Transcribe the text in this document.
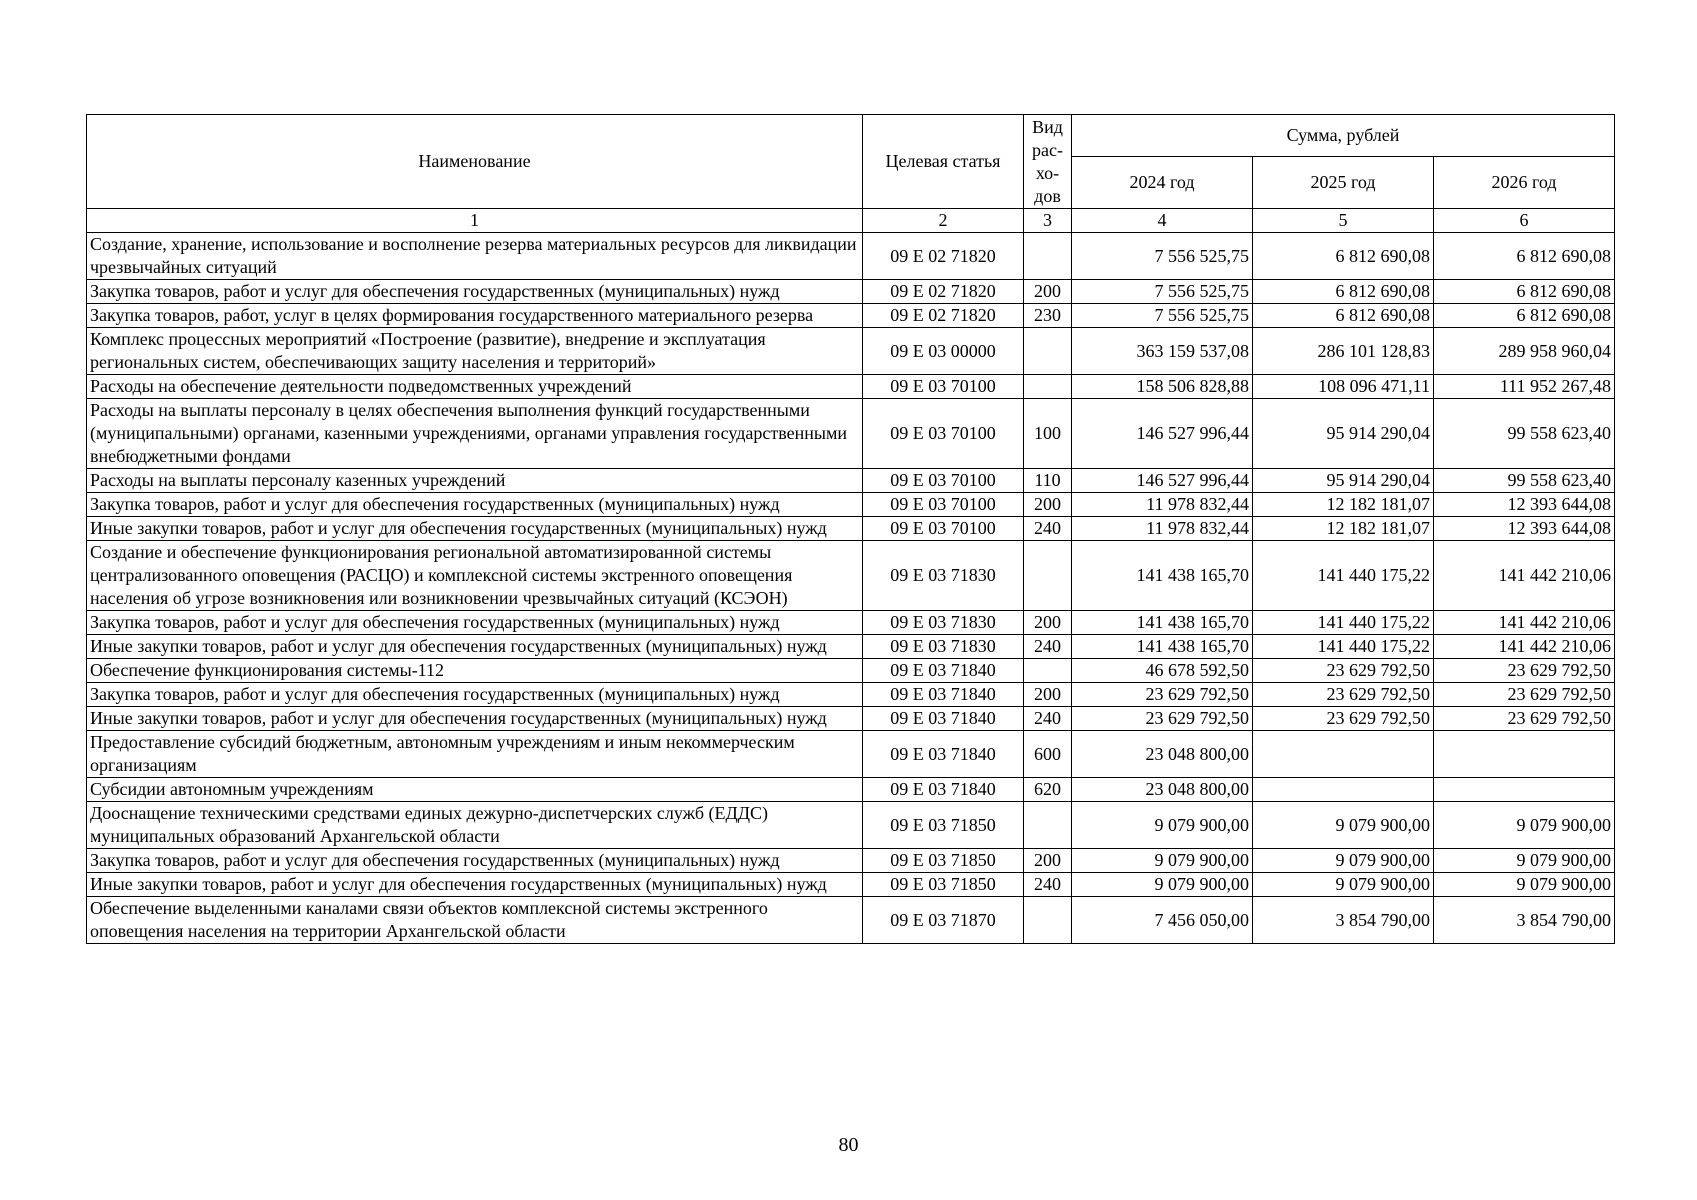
Наименование	Целевая статья	Вид рас-хо-дов	Сумма, рублей		
			2024 год	2025 год	2026 год
1	2	3	4	5	6
Создание, хранение, использование и восполнение резерва материальных ресурсов для ликвидации чрезвычайных ситуаций	09 Е 02 71820		7 556 525,75	6 812 690,08	6 812 690,08
Закупка товаров, работ и услуг для обеспечения государственных (муниципальных) нужд	09 Е 02 71820	200	7 556 525,75	6 812 690,08	6 812 690,08
Закупка товаров, работ, услуг в целях формирования государственного материального резерва	09 Е 02 71820	230	7 556 525,75	6 812 690,08	6 812 690,08
Комплекс процессных мероприятий «Построение (развитие), внедрение и эксплуатация региональных систем, обеспечивающих защиту населения и территорий»	09 Е 03 00000		363 159 537,08	286 101 128,83	289 958 960,04
Расходы на обеспечение деятельности подведомственных учреждений	09 Е 03 70100		158 506 828,88	108 096 471,11	111 952 267,48
Расходы на выплаты персоналу в целях обеспечения выполнения функций государственными (муниципальными) органами, казенными учреждениями, органами управления государственными внебюджетными фондами	09 Е 03 70100	100	146 527 996,44	95 914 290,04	99 558 623,40
Расходы на выплаты персоналу казенных учреждений	09 Е 03 70100	110	146 527 996,44	95 914 290,04	99 558 623,40
Закупка товаров, работ и услуг для обеспечения государственных (муниципальных) нужд	09 Е 03 70100	200	11 978 832,44	12 182 181,07	12 393 644,08
Иные закупки товаров, работ и услуг для обеспечения государственных (муниципальных) нужд	09 Е 03 70100	240	11 978 832,44	12 182 181,07	12 393 644,08
Создание и обеспечение функционирования региональной автоматизированной системы централизованного оповещения (РАСЦО) и комплексной системы экстренного оповещения населения об угрозе возникновения или возникновении чрезвычайных ситуаций (КСЭОН)	09 Е 03 71830		141 438 165,70	141 440 175,22	141 442 210,06
Закупка товаров, работ и услуг для обеспечения государственных (муниципальных) нужд	09 Е 03 71830	200	141 438 165,70	141 440 175,22	141 442 210,06
Иные закупки товаров, работ и услуг для обеспечения государственных (муниципальных) нужд	09 Е 03 71830	240	141 438 165,70	141 440 175,22	141 442 210,06
Обеспечение функционирования системы-112	09 Е 03 71840		46 678 592,50	23 629 792,50	23 629 792,50
Закупка товаров, работ и услуг для обеспечения государственных (муниципальных) нужд	09 Е 03 71840	200	23 629 792,50	23 629 792,50	23 629 792,50
Иные закупки товаров, работ и услуг для обеспечения государственных (муниципальных) нужд	09 Е 03 71840	240	23 629 792,50	23 629 792,50	23 629 792,50
Предоставление субсидий бюджетным, автономным учреждениям и иным некоммерческим организациям	09 Е 03 71840	600	23 048 800,00		
Субсидии автономным учреждениям	09 Е 03 71840	620	23 048 800,00		
Дооснащение техническими средствами единых дежурно-диспетчерских служб (ЕДДС) муниципальных образований Архангельской области	09 Е 03 71850		9 079 900,00	9 079 900,00	9 079 900,00
Закупка товаров, работ и услуг для обеспечения государственных (муниципальных) нужд	09 Е 03 71850	200	9 079 900,00	9 079 900,00	9 079 900,00
Иные закупки товаров, работ и услуг для обеспечения государственных (муниципальных) нужд	09 Е 03 71850	240	9 079 900,00	9 079 900,00	9 079 900,00
Обеспечение выделенными каналами связи объектов комплексной системы экстренного оповещения населения на территории Архангельской области	09 Е 03 71870		7 456 050,00	3 854 790,00	3 854 790,00
80
